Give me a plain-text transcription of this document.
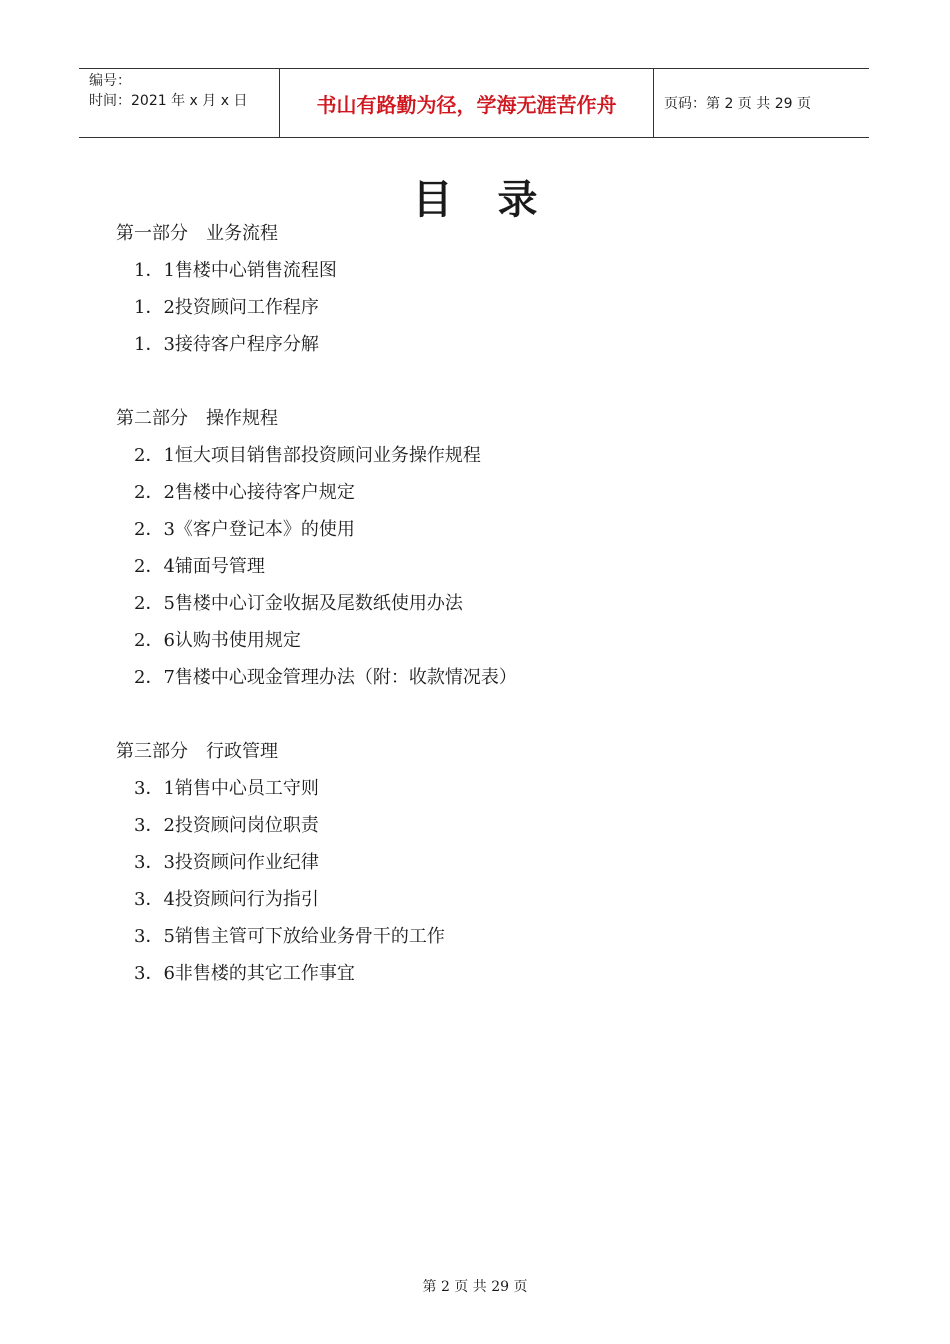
编号：
时间：2021 年 x 月 x 日	书山有路勤为径，学海无涯苦作舟	页码：第 2 页 共 29 页
目录
第一部分　业务流程
1．1售楼中心销售流程图
1．2投资顾问工作程序
1．3接待客户程序分解
第二部分　操作规程
2．1恒大项目销售部投资顾问业务操作规程
2．2售楼中心接待客户规定
2．3《客户登记本》的使用
2．4铺面号管理
2．5售楼中心订金收据及尾数纸使用办法
2．6认购书使用规定
2．7售楼中心现金管理办法（附：收款情况表）
第三部分　行政管理
3．1销售中心员工守则
3．2投资顾问岗位职责
3．3投资顾问作业纪律
3．4投资顾问行为指引
3．5销售主管可下放给业务骨干的工作
3．6非售楼的其它工作事宜
第 2 页 共 29 页
